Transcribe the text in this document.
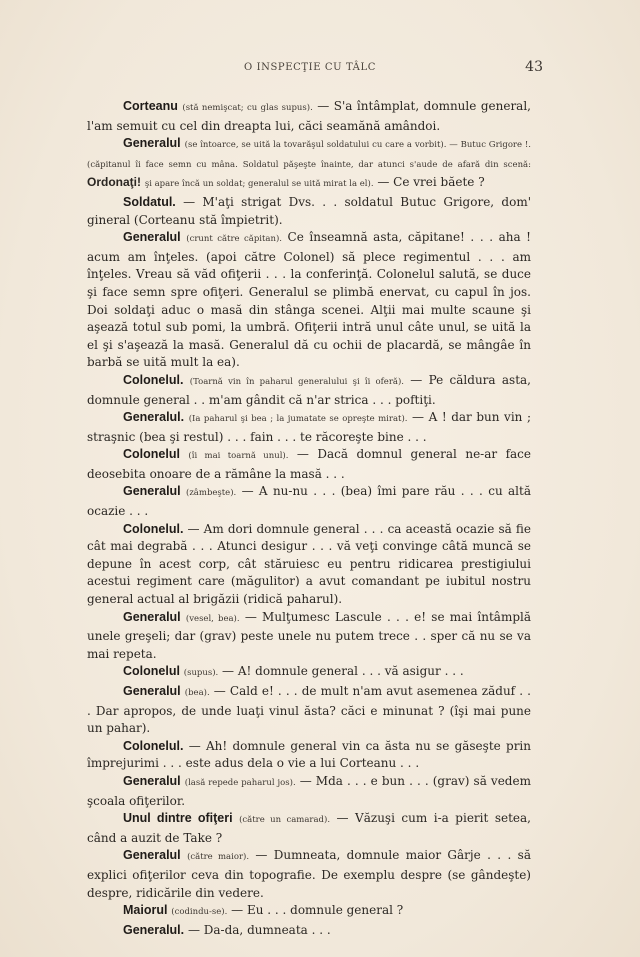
O INSPECŢIE CU TÂLC	43

Corteanu (stă nemişcat; cu glas supus). — S'a întâmplat, domnule general, l'am semuit cu cel din dreapta lui, căci seamănă amândoi.

Generalul (se întoarce, se uită la tovarăşul soldatului cu care a vorbit). — Butuc Grigore !. (căpitanul îi face semn cu mâna. Soldatul păşeşte înainte, dar atunci s'aude de afară din scenă: Ordonaţi! şi apare încă un soldat; generalul se uită mirat la el). — Ce vrei băete ?

Soldatul. — M'aţi strigat Dvs. . . soldatul Butuc Grigore, dom' gineral (Corteanu stă împietrit).

Generalul (crunt către căpitan). Ce înseamnă asta, căpitane! . . . aha ! acum am înţeles. (apoi către Colonel) să plece regimentul . . . am înţeles. Vreau să văd ofiţerii . . . la conferinţă. Colonelul salută, se duce şi face semn spre ofiţeri. Generalul se plimbă enervat, cu capul în jos. Doi soldaţi aduc o masă din stânga scenei. Alţii mai multe scaune şi aşează totul sub pomi, la umbră. Ofiţerii intră unul câte unul, se uită la el şi s'aşează la masă. Generalul dă cu ochii de placardă, se mângâe în barbă se uită mult la ea).

Colonelul. (Toarnă vin în paharul generalului şi îi oferă). — Pe căldura asta, domnule general . . m'am gândit că n'ar strica . . . poftiţi.

Generalul. (Ia paharul şi bea ; la jumatate se opreşte mirat). — A ! dar bun vin ; straşnic (bea şi restul) . . . fain . . . te răcoreşte bine . . .

Colonelul (îi mai toarnă unul). — Dacă domnul general ne-ar face deosebita onoare de a rămâne la masă . . .

Generalul (zâmbeşte). — A nu-nu . . . (bea) îmi pare rău . . . cu altă ocazie . . .

Colonelul. — Am dori domnule general . . . ca această ocazie să fie cât mai degrabă . . . Atunci desigur . . . vă veţi convinge câtă muncă se depune în acest corp, cât stăruiesc eu pentru ridicarea prestigiului acestui regiment care (măgulitor) a avut comandant pe iubitul nostru general actual al brigăzii (ridică paharul).

Generalul (vesel, bea). — Mulţumesc Lascule . . . e! se mai întâmplă unele greşeli; dar (grav) peste unele nu putem trece . . sper că nu se va mai repeta.

Colonelul (supus). — A! domnule general . . . vă asigur . . .

Generalul (bea). — Cald e! . . . de mult n'am avut asemenea zăduf . . . Dar apropos, de unde luaţi vinul ăsta? căci e minunat ? (îşi mai pune un pahar).

Colonelul. — Ah! domnule general vin ca ăsta nu se găseşte prin împrejurimi . . . este adus dela o vie a lui Corteanu . . .

Generalul (lasă repede paharul jos). — Mda . . . e bun . . . (grav) să vedem şcoala ofiţerilor.

Unul dintre ofiţeri (către un camarad). — Văzuşi cum i-a pierit setea, când a auzit de Take ?

Generalul (către maior). — Dumneata, domnule maior Gârje . . . să explici ofiţerilor ceva din topografie. De exemplu despre (se gândeşte) despre, ridicările din vedere.

Maiorul (codindu-se). — Eu . . . domnule general ?

Generalul. — Da-da, dumneata . . .
